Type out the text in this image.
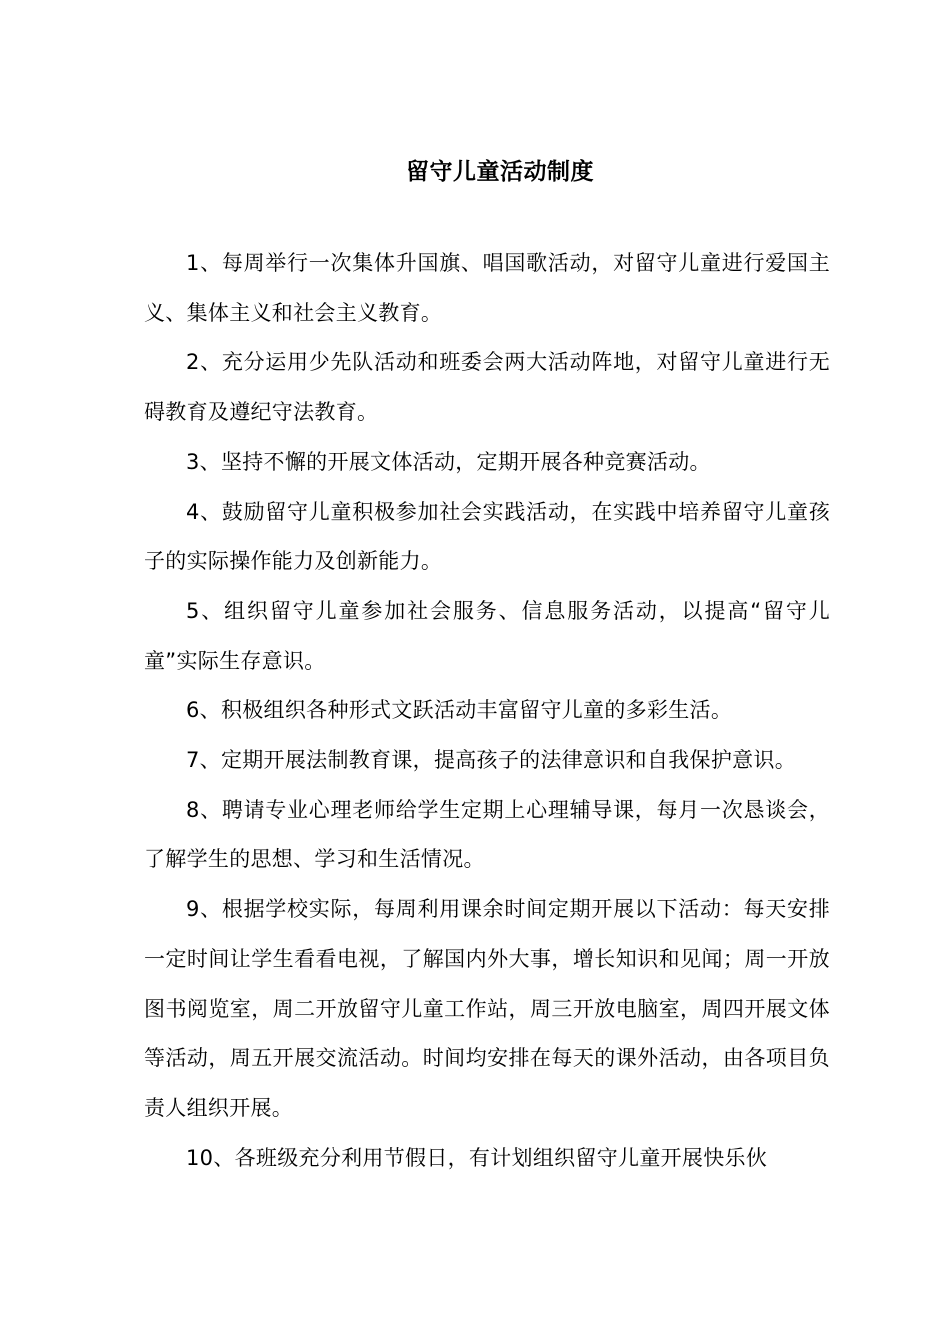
留守儿童活动制度

1、每周举行一次集体升国旗、唱国歌活动，对留守儿童进行爱国主义、集体主义和社会主义教育。

2、充分运用少先队活动和班委会两大活动阵地，对留守儿童进行无碍教育及遵纪守法教育。

3、坚持不懈的开展文体活动，定期开展各种竞赛活动。

4、鼓励留守儿童积极参加社会实践活动，在实践中培养留守儿童孩子的实际操作能力及创新能力。

5、组织留守儿童参加社会服务、信息服务活动，以提高“留守儿童”实际生存意识。

6、积极组织各种形式文跃活动丰富留守儿童的多彩生活。

7、定期开展法制教育课，提高孩子的法律意识和自我保护意识。

8、聘请专业心理老师给学生定期上心理辅导课，每月一次恳谈会，了解学生的思想、学习和生活情况。

9、根据学校实际，每周利用课余时间定期开展以下活动：每天安排一定时间让学生看看电视，了解国内外大事，增长知识和见闻；周一开放图书阅览室，周二开放留守儿童工作站，周三开放电脑室，周四开展文体等活动，周五开展交流活动。时间均安排在每天的课外活动，由各项目负责人组织开展。

10、各班级充分利用节假日，有计划组织留守儿童开展快乐伙
